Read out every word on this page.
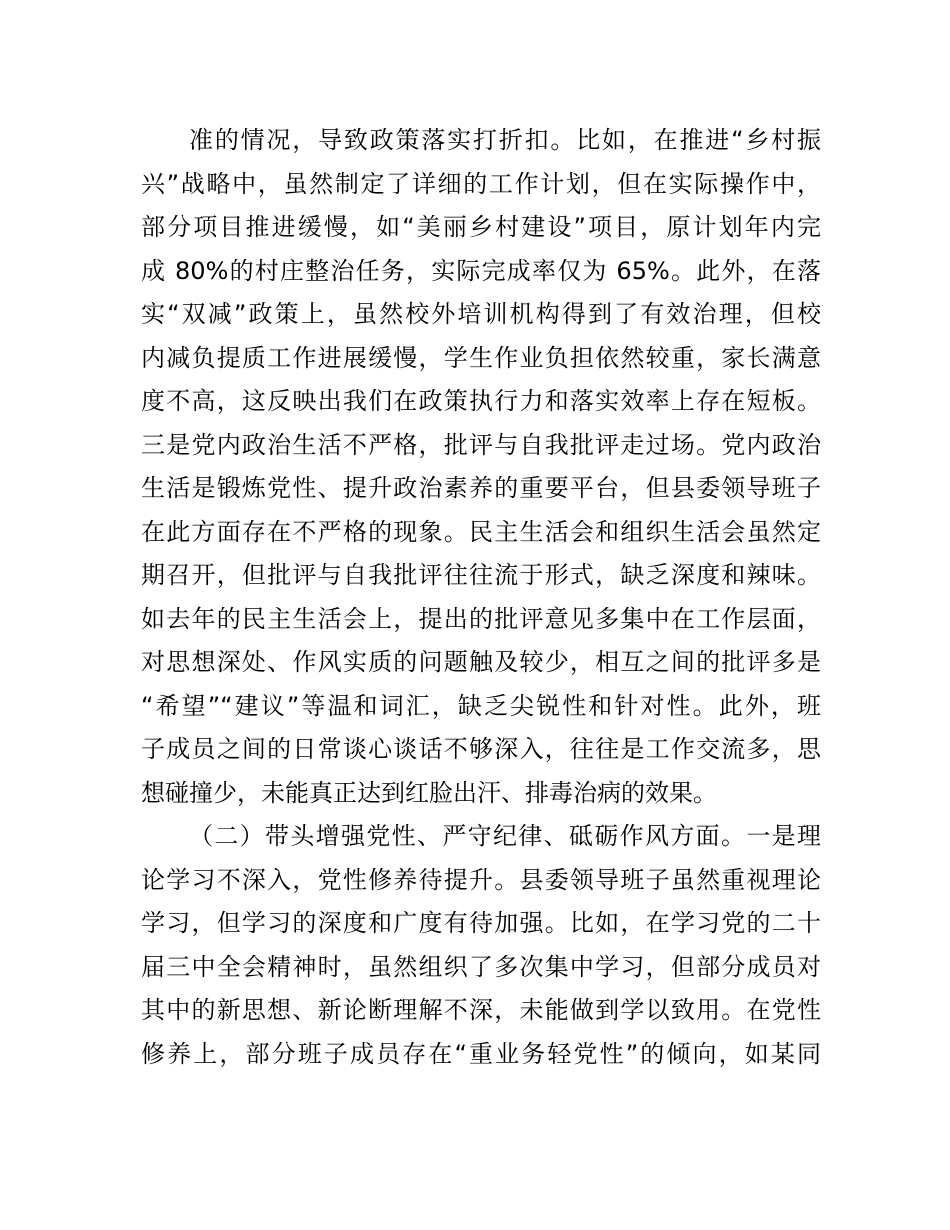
准的情况，导致政策落实打折扣。比如，在推进“乡村振
兴”战略中，虽然制定了详细的工作计划，但在实际操作中，
部分项目推进缓慢，如“美丽乡村建设”项目，原计划年内完
成 80%的村庄整治任务，实际完成率仅为 65%。此外，在落
实“双减”政策上，虽然校外培训机构得到了有效治理，但校
内减负提质工作进展缓慢，学生作业负担依然较重，家长满意
度不高，这反映出我们在政策执行力和落实效率上存在短板。
三是党内政治生活不严格，批评与自我批评走过场。党内政治
生活是锻炼党性、提升政治素养的重要平台，但县委领导班子
在此方面存在不严格的现象。民主生活会和组织生活会虽然定
期召开，但批评与自我批评往往流于形式，缺乏深度和辣味。
如去年的民主生活会上，提出的批评意见多集中在工作层面，
对思想深处、作风实质的问题触及较少，相互之间的批评多是
“希望”“建议”等温和词汇，缺乏尖锐性和针对性。此外，班
子成员之间的日常谈心谈话不够深入，往往是工作交流多，思
想碰撞少，未能真正达到红脸出汗、排毒治病的效果。
（二）带头增强党性、严守纪律、砥砺作风方面。一是理
论学习不深入，党性修养待提升。县委领导班子虽然重视理论
学习，但学习的深度和广度有待加强。比如，在学习党的二十
届三中全会精神时，虽然组织了多次集中学习，但部分成员对
其中的新思想、新论断理解不深，未能做到学以致用。在党性
修养上，部分班子成员存在“重业务轻党性”的倾向，如某同
